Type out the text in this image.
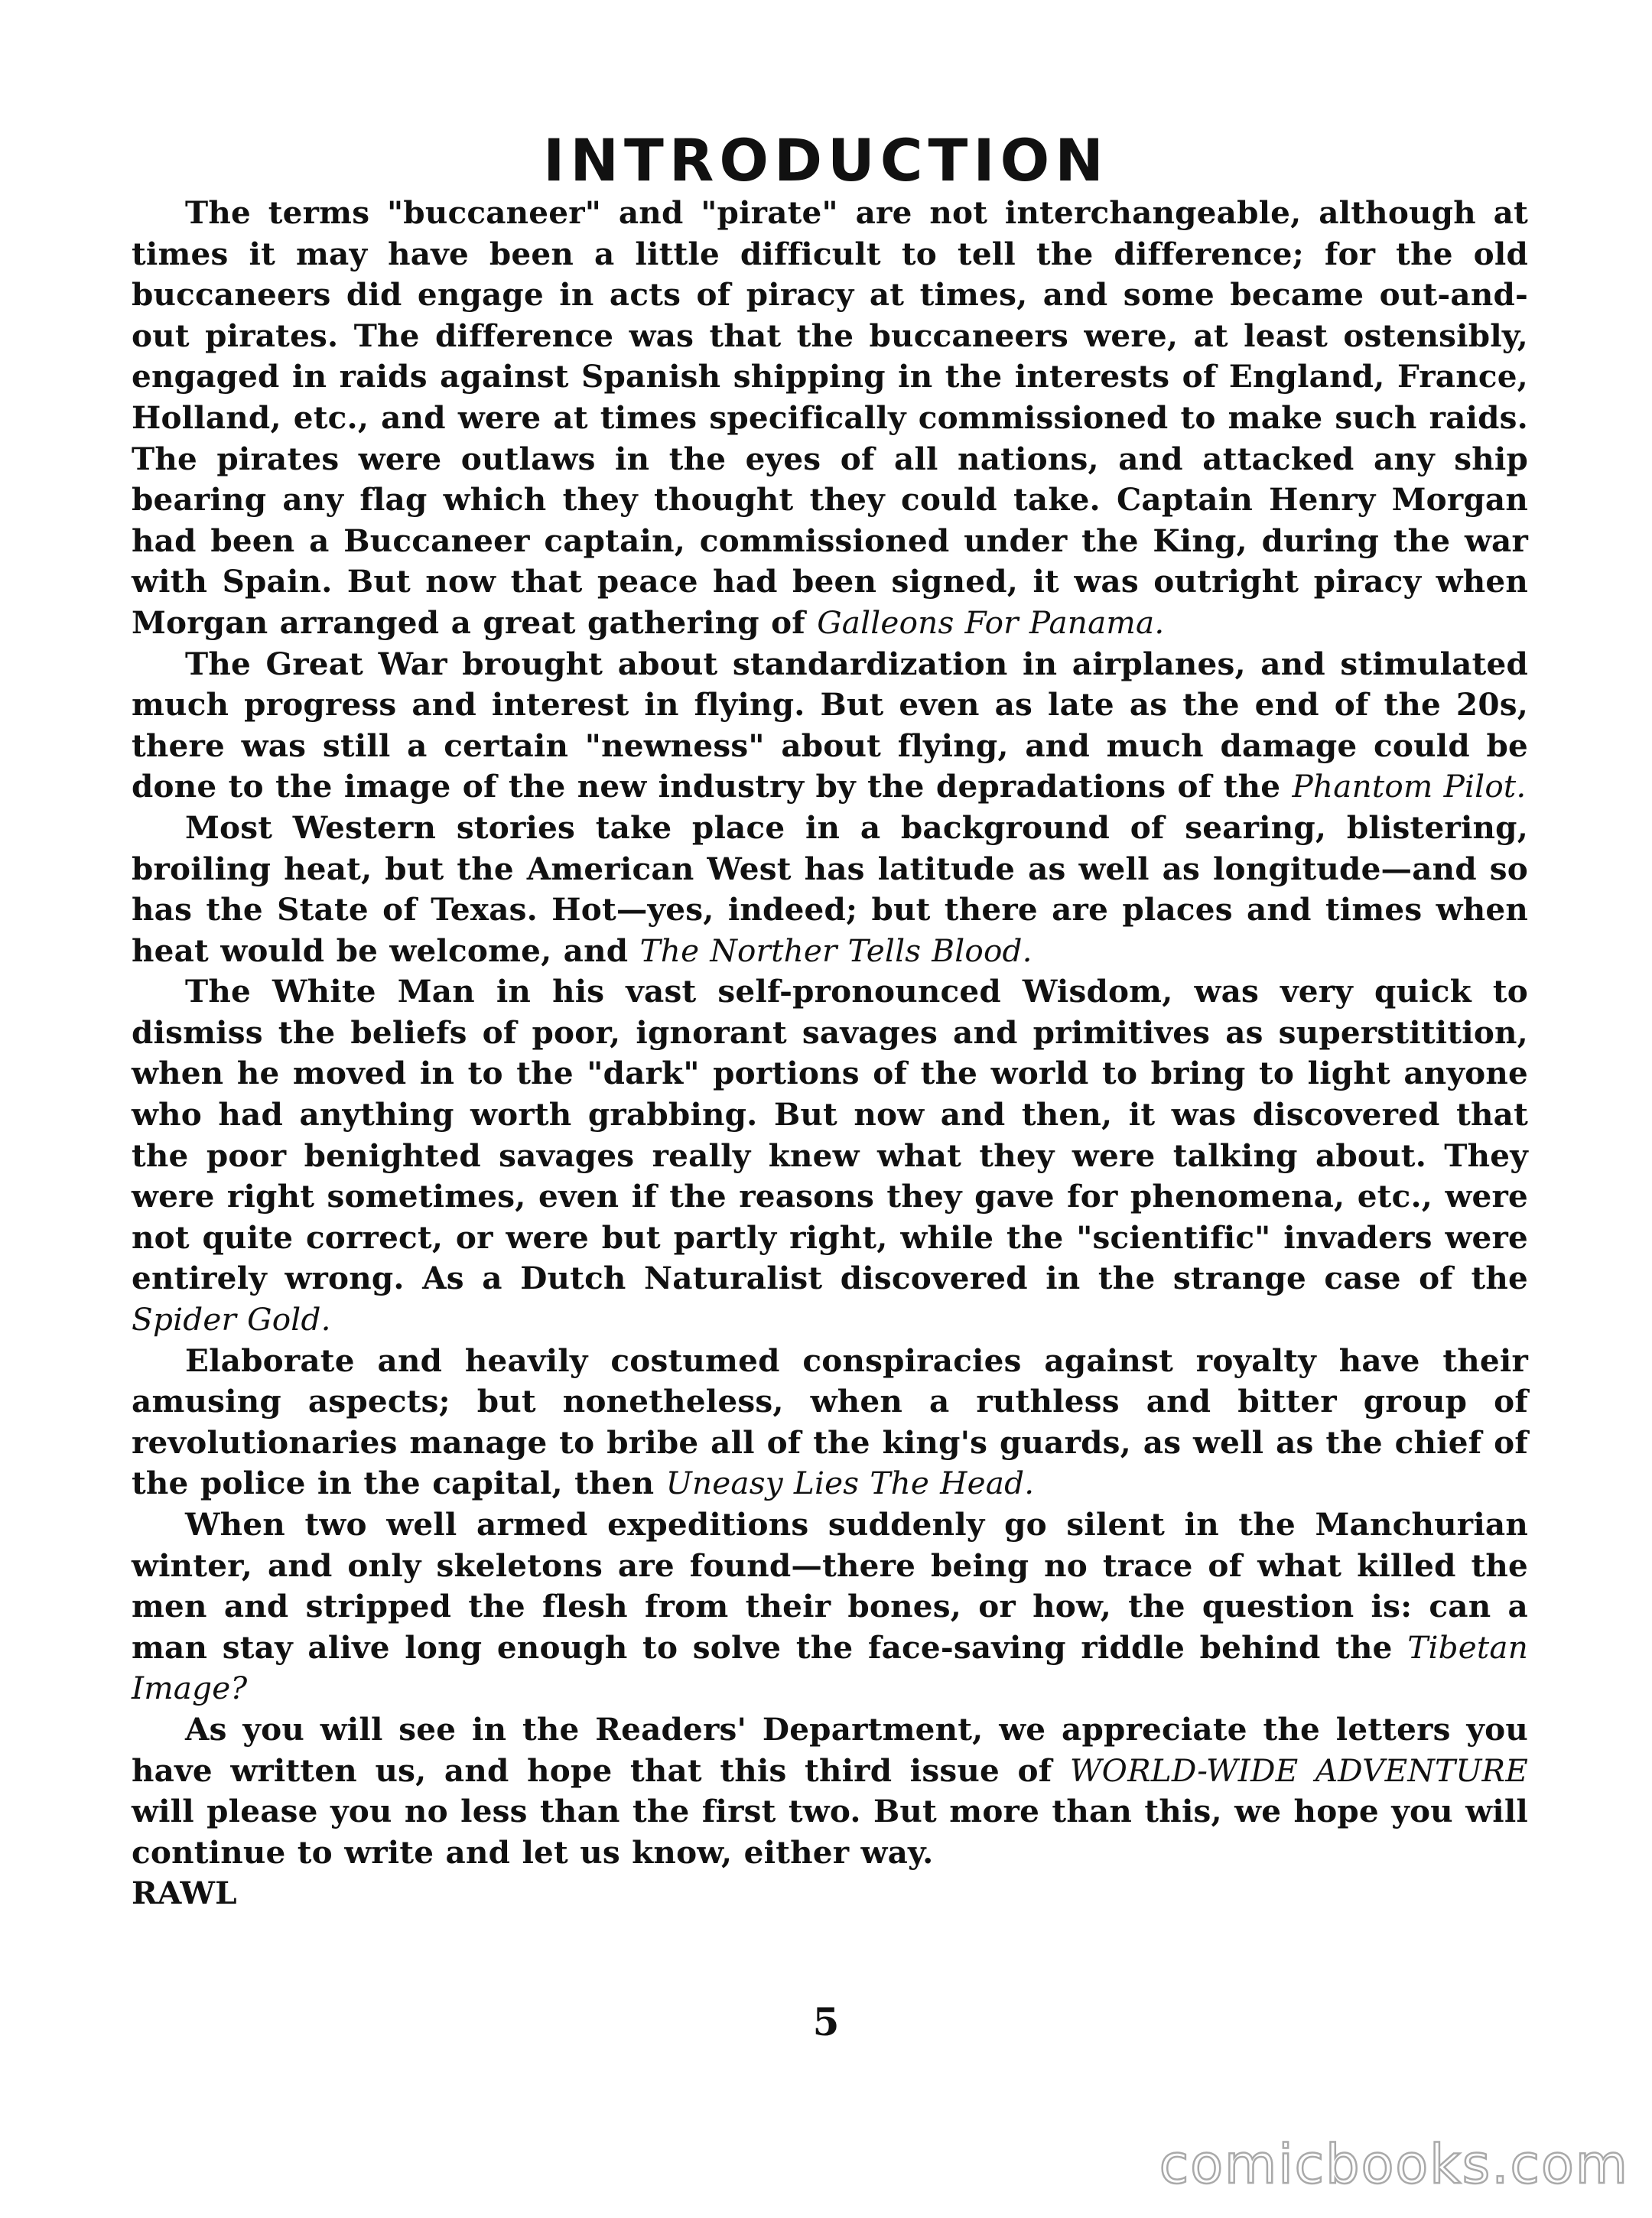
INTRODUCTION

The terms "buccaneer" and "pirate" are not interchangeable, although at times it may have been a little difficult to tell the difference; for the old buccaneers did engage in acts of piracy at times, and some became out-and-out pirates. The difference was that the buccaneers were, at least ostensibly, engaged in raids against Spanish shipping in the interests of England, France, Holland, etc., and were at times specifically commissioned to make such raids. The pirates were outlaws in the eyes of all nations, and attacked any ship bearing any flag which they thought they could take. Captain Henry Morgan had been a Buccaneer captain, commissioned under the King, during the war with Spain. But now that peace had been signed, it was outright piracy when Morgan arranged a great gathering of Galleons For Panama.

The Great War brought about standardization in airplanes, and stimulated much progress and interest in flying. But even as late as the end of the 20s, there was still a certain "newness" about flying, and much damage could be done to the image of the new industry by the depradations of the Phantom Pilot.

Most Western stories take place in a background of searing, blistering, broiling heat, but the American West has latitude as well as longitude—and so has the State of Texas. Hot—yes, indeed; but there are places and times when heat would be welcome, and The Norther Tells Blood.

The White Man in his vast self-pronounced Wisdom, was very quick to dismiss the beliefs of poor, ignorant savages and primitives as superstitition, when he moved in to the "dark" portions of the world to bring to light anyone who had anything worth grabbing. But now and then, it was discovered that the poor benighted savages really knew what they were talking about. They were right sometimes, even if the reasons they gave for phenomena, etc., were not quite correct, or were but partly right, while the "scientific" invaders were entirely wrong. As a Dutch Naturalist discovered in the strange case of the Spider Gold.

Elaborate and heavily costumed conspiracies against royalty have their amusing aspects; but nonetheless, when a ruthless and bitter group of revolutionaries manage to bribe all of the king's guards, as well as the chief of the police in the capital, then Uneasy Lies The Head.

When two well armed expeditions suddenly go silent in the Manchurian winter, and only skeletons are found—there being no trace of what killed the men and stripped the flesh from their bones, or how, the question is: can a man stay alive long enough to solve the face-saving riddle behind the Tibetan Image?

As you will see in the Readers' Department, we appreciate the letters you have written us, and hope that this third issue of WORLD-WIDE ADVENTURE will please you no less than the first two. But more than this, we hope you will continue to write and let us know, either way.

RAWL

5
comicbooks.com
